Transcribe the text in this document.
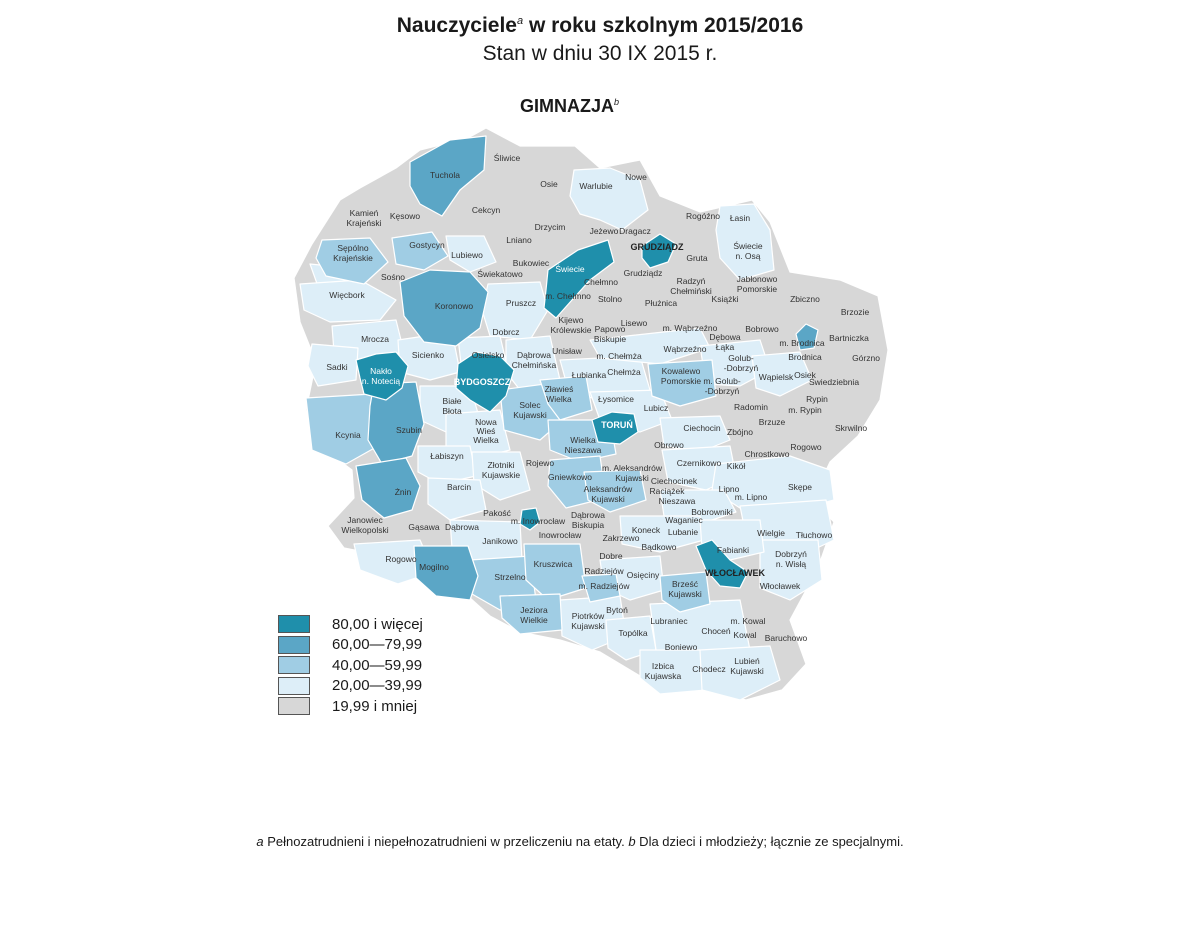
Nauczyciele$^a$ w roku szkolnym 2015/2016
Stan w dniu 30 IX 2015 r.
GIMNAZJA$^b$
Śliwice
Osie	Warlubie
Nowe
Tuchola
Kamień
Krajeński
Kęsowo
Cekcyn
Drzycim	Jeżewo Dragacz
Rogóźno Łasin
GRUDZIĄDZ
Sępólno
Krajeńskie
Gostycyn	Lniano
Świecie
n. Osą
Lubiewo
Bukowiec
Świecie	Grudziądz
Gruta
Sośno	Świekatowo
Chełmno	Radzyń
Chełmiński
Jabłonowo
Pomorskie
Więcbork	m. Chełmno Stolno	Płużnica	Książki	Zbiczno
Brzozie
Koronowo	Pruszcz
Kijewo
Królewskie
Lisewo
Papowo
Biskupie
m. Wąbrzeźno	Bobrowo
m. Brodnica Bartniczka
Mrocza
Dobrcz
Unisław
Dębowa
Łąka
Brodnica	Górzno
Sadki
Sicienko	Osielsko Dąbrowa
Chełmińska
m. Chełmża
Wąbrzeźno
Golub-
-Dobrzyń
Osiek
Świedziebnia
Nakło
n. Notecią	BYDGOSZCZ
Łubianka Chełmża Kowalewo
Pomorskie m. Golub-
-Dobrzyń
Wąpielsk
Zławieś
Wielka	Łysomice	Rypin
m. Rypin
Radomin
Białe
Błota
Solec
Kujawski
Lubicz
TORUŃ	Brzuze
Kcynia	Szubin
Nowa
Wieś
Wielka
Ciechocin Zbójno	Skrwilno
Wielka
Nieszawa	Obrowo	Rogowo
Chrostkowo
Łabiszyn
Złotniki
Kujawskie
Rojewo	m. Aleksandrów
Kujawski
Czernikowo Kikół
Barcin
Gniewkowo	Ciechocinek
Raciążek
Nieszawa
Aleksandrów
Kujawski
Lipno
m. Lipno
Skępe
Żnin
Bobrowniki
Pakość
m. Inowrocław
Dąbrowa
Biskupia	Waganiec
Wielgie Tłuchowo
Janowiec
Wielkopolski Gąsawa Dąbrowa
Inowrocław	Koneck Lubanie
Janikowo	Zakrzewo
Bądkowo	Fabianki	Dobrzyń
n. Wisłą
Rogowo	Dobre
Radziejów Osięciny	WŁOCŁAWEK
Włocławek
Mogilno
Strzelno
Kruszwica
m. Radziejów	Brześć
Kujawski
Jeziora
Wielkie	Piotrków
Kujawski
Bytoń
Lubraniec	m. Kowal
Choceń Kowal Baruchowo
Topólka
Boniewo
Izbica
Kujawska
Chodecz
Lubień
Kujawski
80,00 i więcej
60,00—79,99
40,00—59,99
20,00—39,99
19,99 i mniej
a Pełnozatrudnieni i niepełnozatrudnieni w przeliczeniu na etaty. b Dla dzieci i młodzieży; łącznie ze specjalnymi.
